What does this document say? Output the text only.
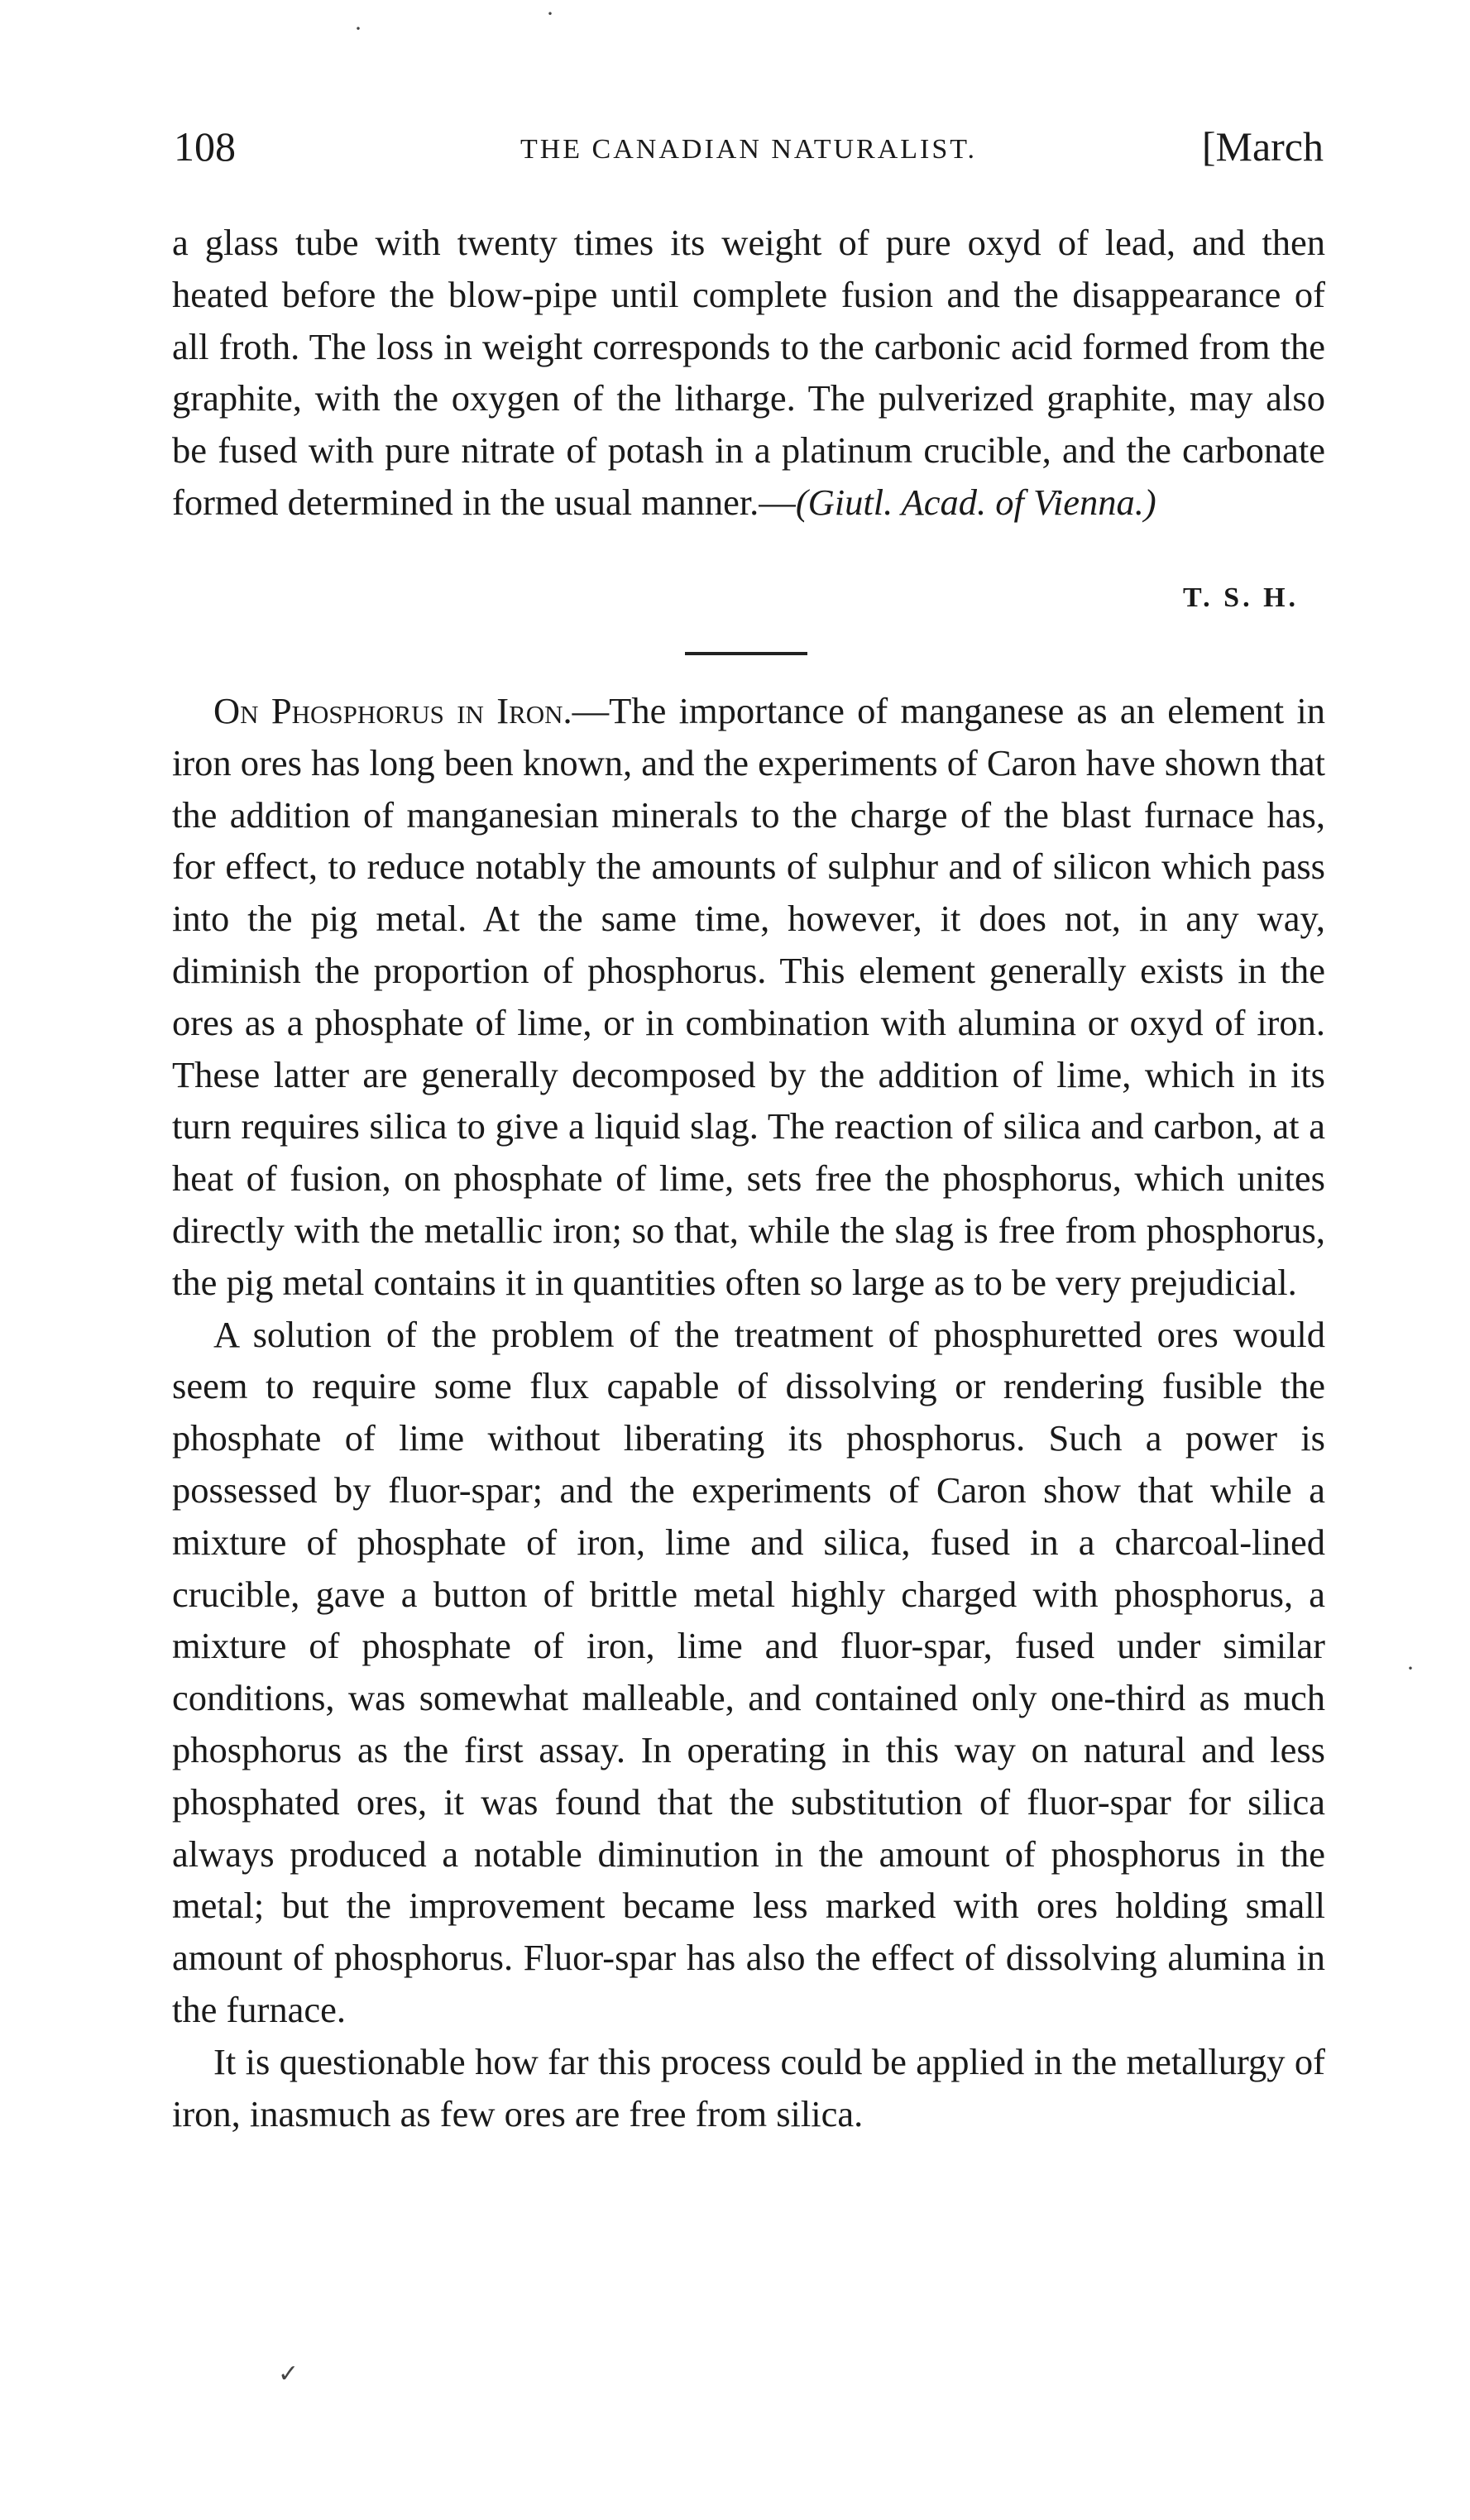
·
·
108	THE CANADIAN NATURALIST.	[March

a glass tube with twenty times its weight of pure oxyd of lead, and then heated before the blow-pipe until complete fusion and the disappearance of all froth. The loss in weight corresponds to the carbonic acid formed from the graphite, with the oxygen of the litharge. The pulverized graphite, may also be fused with pure nitrate of potash in a platinum crucible, and the carbonate formed determined in the usual manner.—(Giutl. Acad. of Vienna.)

T. S. H.

On Phosphorus in Iron.—The importance of manganese as an element in iron ores has long been known, and the experiments of Caron have shown that the addition of manganesian minerals to the charge of the blast furnace has, for effect, to reduce notably the amounts of sulphur and of silicon which pass into the pig metal. At the same time, however, it does not, in any way, diminish the proportion of phosphorus. This element generally exists in the ores as a phosphate of lime, or in combination with alumina or oxyd of iron. These latter are generally decomposed by the addition of lime, which in its turn requires silica to give a liquid slag. The reaction of silica and carbon, at a heat of fusion, on phosphate of lime, sets free the phosphorus, which unites directly with the metallic iron; so that, while the slag is free from phosphorus, the pig metal contains it in quantities often so large as to be very prejudicial.

A solution of the problem of the treatment of phosphuretted ores would seem to require some flux capable of dissolving or rendering fusible the phosphate of lime without liberating its phosphorus. Such a power is possessed by fluor-spar; and the experiments of Caron show that while a mixture of phosphate of iron, lime and silica, fused in a charcoal-lined crucible, gave a button of brittle metal highly charged with phosphorus, a mixture of phosphate of iron, lime and fluor-spar, fused under similar conditions, was somewhat malleable, and contained only one-third as much phosphorus as the first assay. In operating in this way on natural and less phosphated ores, it was found that the substitution of fluor-spar for silica always produced a notable diminution in the amount of phosphorus in the metal; but the improvement became less marked with ores holding small amount of phosphorus. Fluor-spar has also the effect of dissolving alumina in the furnace.

It is questionable how far this process could be applied in the metallurgy of iron, inasmuch as few ores are free from silica.

✓
·
